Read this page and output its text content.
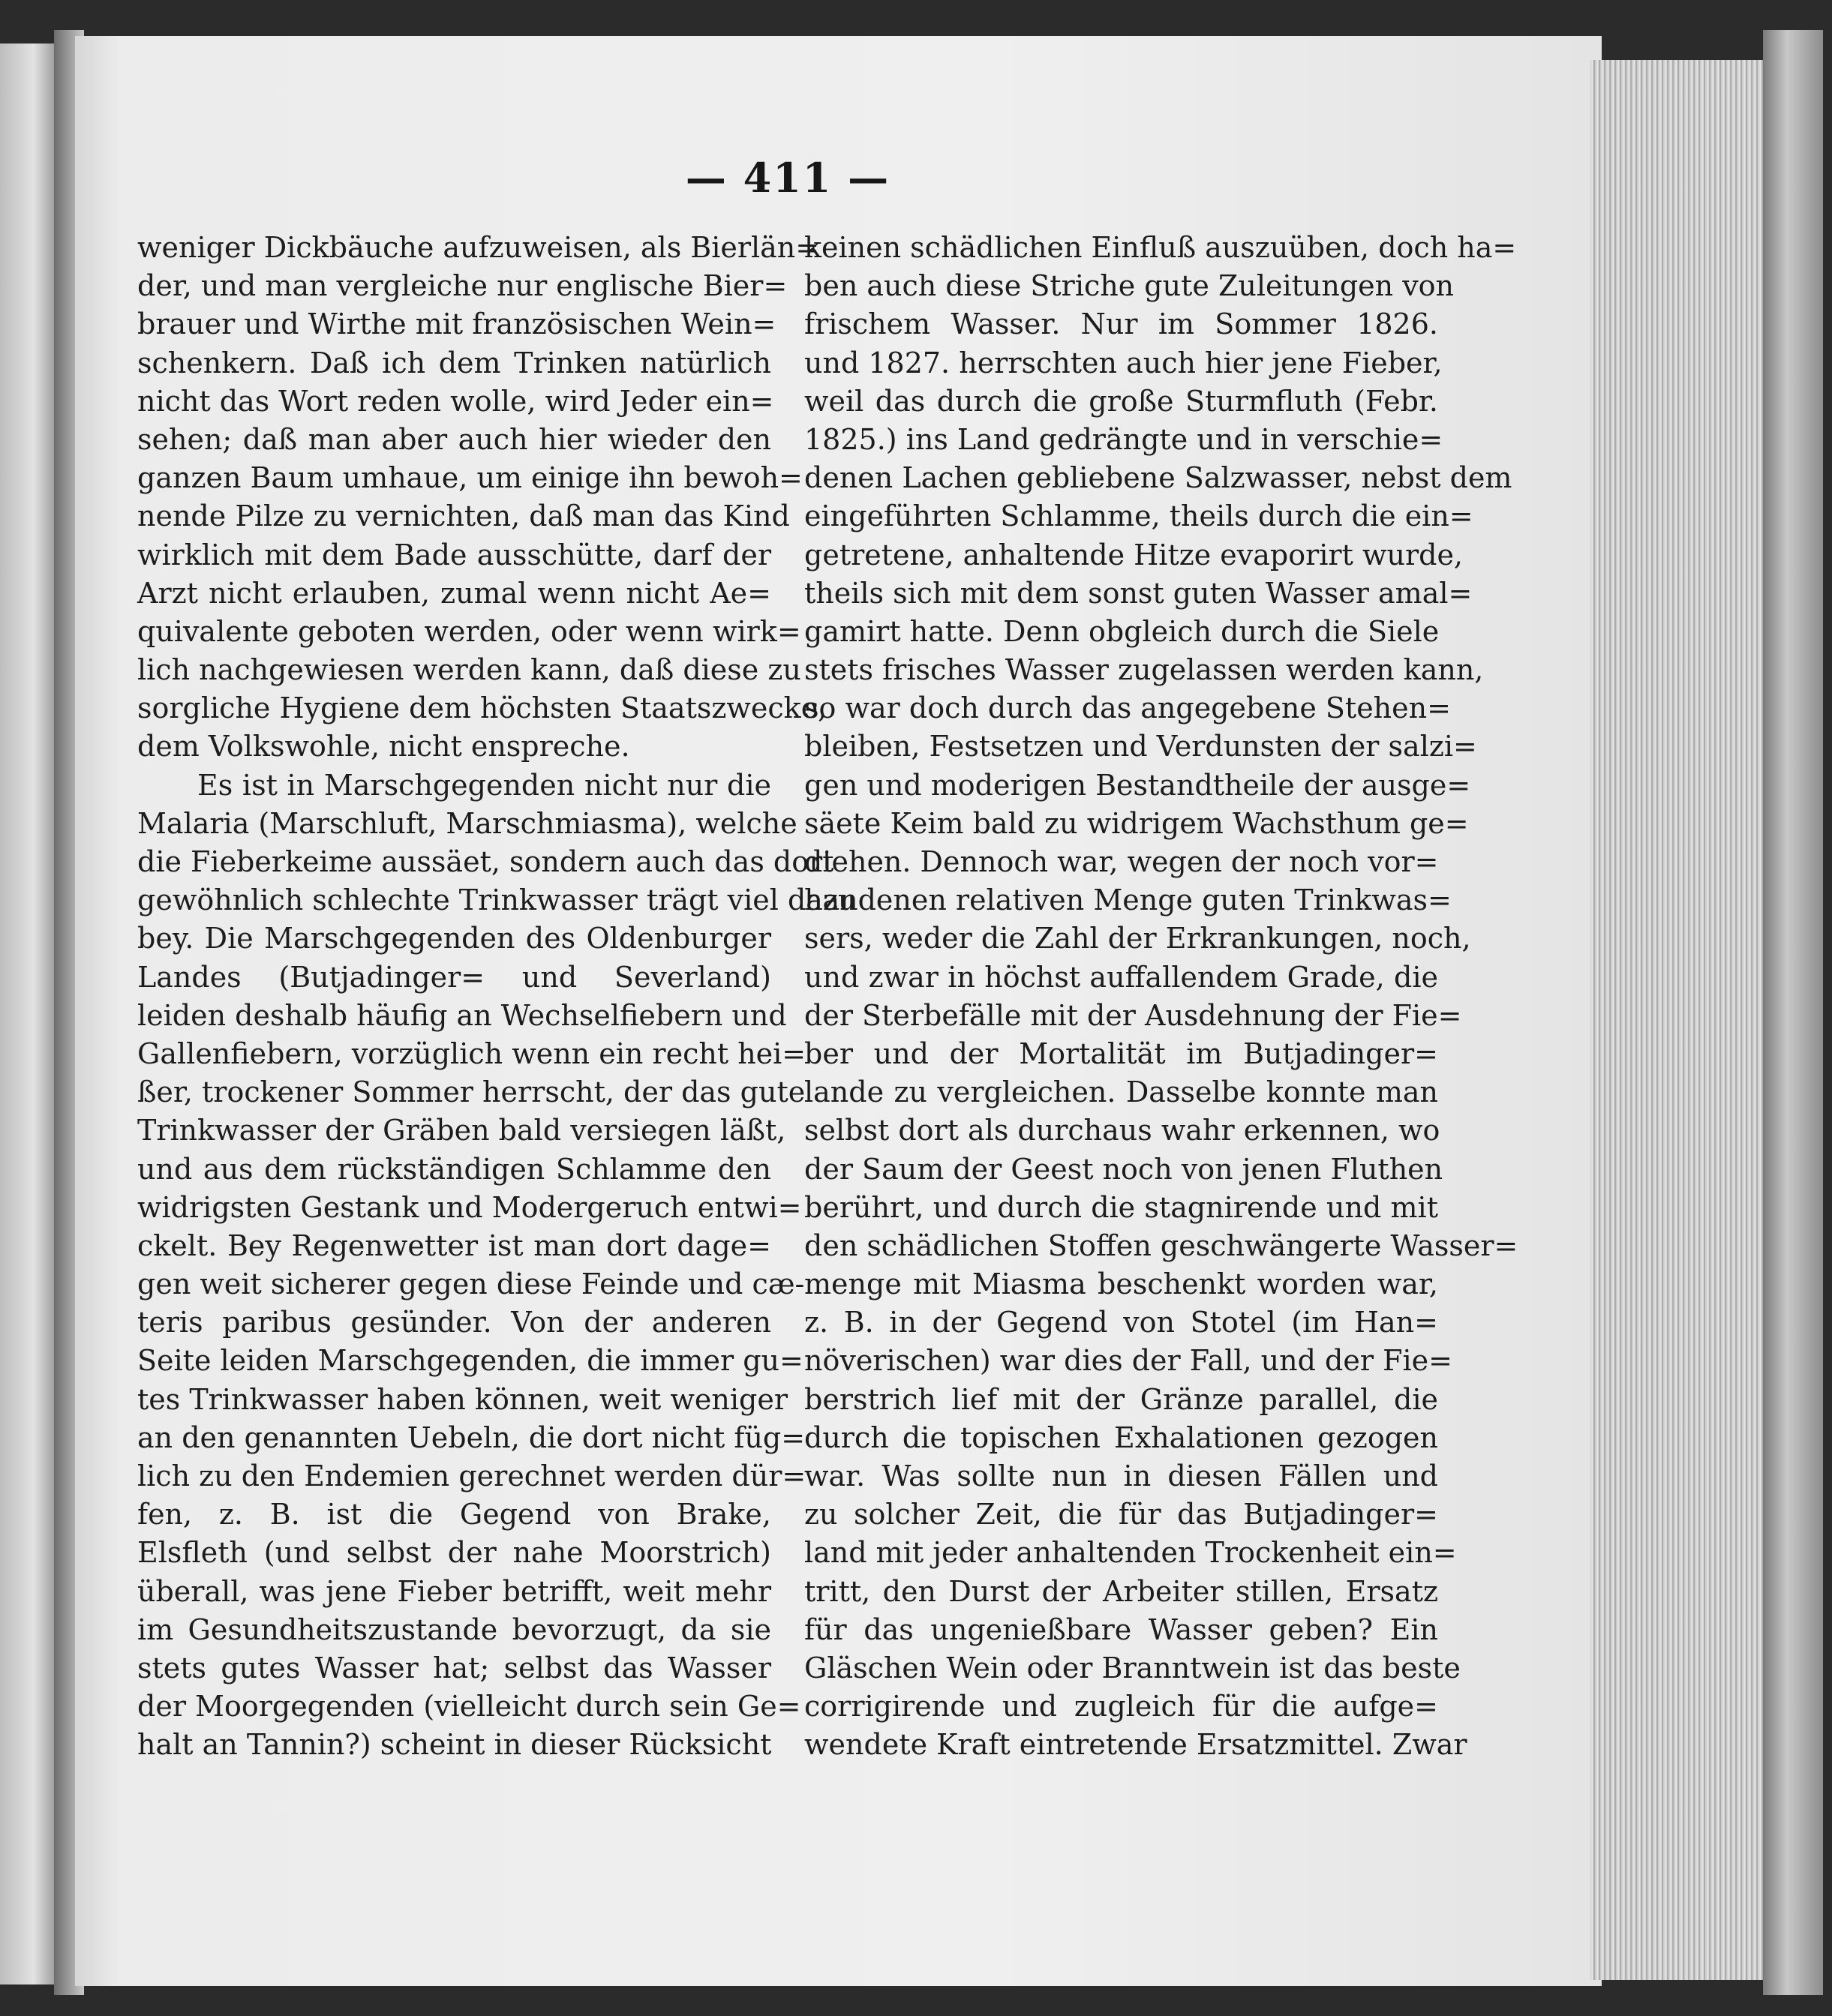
— 411 —
weniger Dickbäuche aufzuweisen, als Bierlän=
der, und man vergleiche nur englische Bier=
brauer und Wirthe mit französischen Wein=
schenkern. Daß ich dem Trinken natürlich
nicht das Wort reden wolle, wird Jeder ein=
sehen; daß man aber auch hier wieder den
ganzen Baum umhaue, um einige ihn bewoh=
nende Pilze zu vernichten, daß man das Kind
wirklich mit dem Bade ausschütte, darf der
Arzt nicht erlauben, zumal wenn nicht Ae=
quivalente geboten werden, oder wenn wirk=
lich nachgewiesen werden kann, daß diese zu
sorgliche Hygiene dem höchsten Staatszwecke,
dem Volkswohle, nicht enspreche.
Es ist in Marschgegenden nicht nur die
Malaria (Marschluft, Marschmiasma), welche
die Fieberkeime aussäet, sondern auch das dort
gewöhnlich schlechte Trinkwasser trägt viel dazu
bey. Die Marschgegenden des Oldenburger
Landes (Butjadinger= und Severland)
leiden deshalb häufig an Wechselfiebern und
Gallenfiebern, vorzüglich wenn ein recht hei=
ßer, trockener Sommer herrscht, der das gute
Trinkwasser der Gräben bald versiegen läßt,
und aus dem rückständigen Schlamme den
widrigsten Gestank und Modergeruch entwi=
ckelt. Bey Regenwetter ist man dort dage=
gen weit sicherer gegen diese Feinde und cæ-
teris paribus gesünder. Von der anderen
Seite leiden Marschgegenden, die immer gu=
tes Trinkwasser haben können, weit weniger
an den genannten Uebeln, die dort nicht füg=
lich zu den Endemien gerechnet werden dür=
fen, z. B. ist die Gegend von Brake,
Elsfleth (und selbst der nahe Moorstrich)
überall, was jene Fieber betrifft, weit mehr
im Gesundheitszustande bevorzugt, da sie
stets gutes Wasser hat; selbst das Wasser
der Moorgegenden (vielleicht durch sein Ge=
halt an Tannin?) scheint in dieser Rücksicht
keinen schädlichen Einfluß auszuüben, doch ha=
ben auch diese Striche gute Zuleitungen von
frischem Wasser. Nur im Sommer 1826.
und 1827. herrschten auch hier jene Fieber,
weil das durch die große Sturmfluth (Febr.
1825.) ins Land gedrängte und in verschie=
denen Lachen gebliebene Salzwasser, nebst dem
eingeführten Schlamme, theils durch die ein=
getretene, anhaltende Hitze evaporirt wurde,
theils sich mit dem sonst guten Wasser amal=
gamirt hatte. Denn obgleich durch die Siele
stets frisches Wasser zugelassen werden kann,
so war doch durch das angegebene Stehen=
bleiben, Festsetzen und Verdunsten der salzi=
gen und moderigen Bestandtheile der ausge=
säete Keim bald zu widrigem Wachsthum ge=
diehen. Dennoch war, wegen der noch vor=
handenen relativen Menge guten Trinkwas=
sers, weder die Zahl der Erkrankungen, noch,
und zwar in höchst auffallendem Grade, die
der Sterbefälle mit der Ausdehnung der Fie=
ber und der Mortalität im Butjadinger=
lande zu vergleichen. Dasselbe konnte man
selbst dort als durchaus wahr erkennen, wo
der Saum der Geest noch von jenen Fluthen
berührt, und durch die stagnirende und mit
den schädlichen Stoffen geschwängerte Wasser=
menge mit Miasma beschenkt worden war,
z. B. in der Gegend von Stotel (im Han=
növerischen) war dies der Fall, und der Fie=
berstrich lief mit der Gränze parallel, die
durch die topischen Exhalationen gezogen
war. Was sollte nun in diesen Fällen und
zu solcher Zeit, die für das Butjadinger=
land mit jeder anhaltenden Trockenheit ein=
tritt, den Durst der Arbeiter stillen, Ersatz
für das ungenießbare Wasser geben? Ein
Gläschen Wein oder Branntwein ist das beste
corrigirende und zugleich für die aufge=
wendete Kraft eintretende Ersatzmittel. Zwar
